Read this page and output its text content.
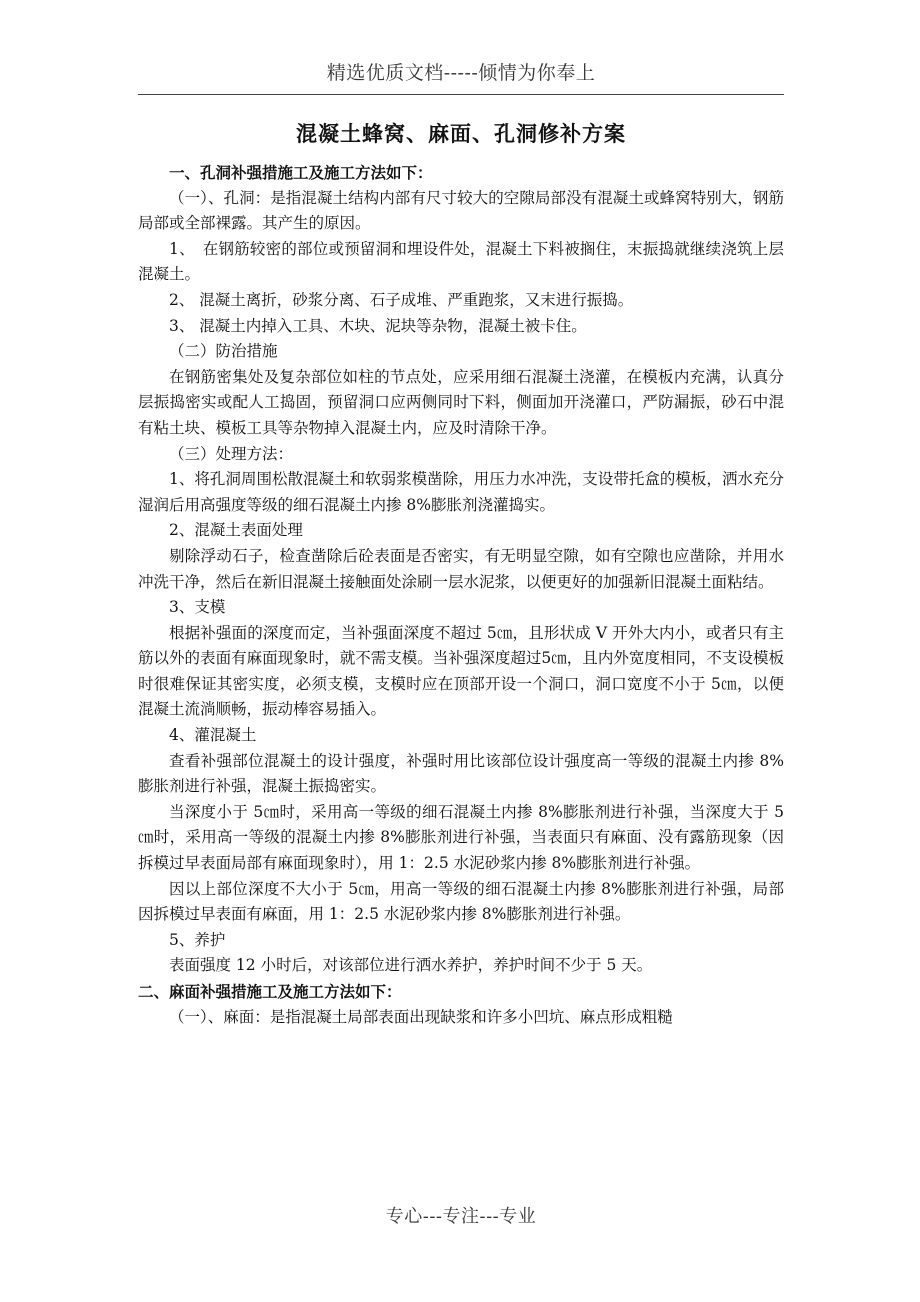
精选优质文档-----倾情为你奉上
混凝土蜂窝、麻面、孔洞修补方案

一、孔洞补强措施工及施工方法如下：

（一）、孔洞：是指混凝土结构内部有尺寸较大的空隙局部没有混凝土或蜂窝特别大，钢筋局部或全部裸露。其产生的原因。

1、　在钢筋较密的部位或预留洞和埋设件处，混凝土下料被搁住，末振捣就继续浇筑上层混凝土。

2、 混凝土离折，砂浆分离、石子成堆、严重跑浆，又末进行振捣。

3、 混凝土内掉入工具、木块、泥块等杂物，混凝土被卡住。

（二）防治措施

在钢筋密集处及复杂部位如柱的节点处，应采用细石混凝土浇灌，在模板内充满，认真分层振捣密实或配人工捣固，预留洞口应两侧同时下料，侧面加开浇灌口，严防漏振，砂石中混有粘土块、模板工具等杂物掉入混凝土内，应及时清除干净。

（三）处理方法：

1、将孔洞周围松散混凝土和软弱浆模凿除，用压力水冲洗，支设带托盒的模板，洒水充分湿润后用高强度等级的细石混凝土内掺 8%膨胀剂浇灌捣实。

2、混凝土表面处理

剔除浮动石子，检查凿除后砼表面是否密实，有无明显空隙，如有空隙也应凿除，并用水冲洗干净，然后在新旧混凝土接触面处涂刷一层水泥浆，以便更好的加强新旧混凝土面粘结。

3、支模

根据补强面的深度而定，当补强面深度不超过 5㎝，且形状成 V 开外大内小，或者只有主筋以外的表面有麻面现象时，就不需支模。当补强深度超过5㎝，且内外宽度相同，不支设模板时很难保证其密实度，必须支模，支模时应在顶部开设一个洞口，洞口宽度不小于 5㎝，以便混凝土流淌顺畅，振动棒容易插入。

4、灌混凝土

查看补强部位混凝土的设计强度，补强时用比该部位设计强度高一等级的混凝土内掺 8%膨胀剂进行补强，混凝土振捣密实。

当深度小于 5㎝时，采用高一等级的细石混凝土内掺 8%膨胀剂进行补强，当深度大于 5㎝时，采用高一等级的混凝土内掺 8%膨胀剂进行补强，当表面只有麻面、没有露筋现象（因拆模过早表面局部有麻面现象时），用 1：2.5 水泥砂浆内掺 8%膨胀剂进行补强。

因以上部位深度不大小于 5㎝，用高一等级的细石混凝土内掺 8%膨胀剂进行补强，局部因拆模过早表面有麻面，用 1：2.5 水泥砂浆内掺 8%膨胀剂进行补强。

5、养护

表面强度 12 小时后，对该部位进行洒水养护，养护时间不少于 5 天。

二、麻面补强措施工及施工方法如下：

（一）、麻面：是指混凝土局部表面出现缺浆和许多小凹坑、麻点形成粗糙

专心---专注---专业
